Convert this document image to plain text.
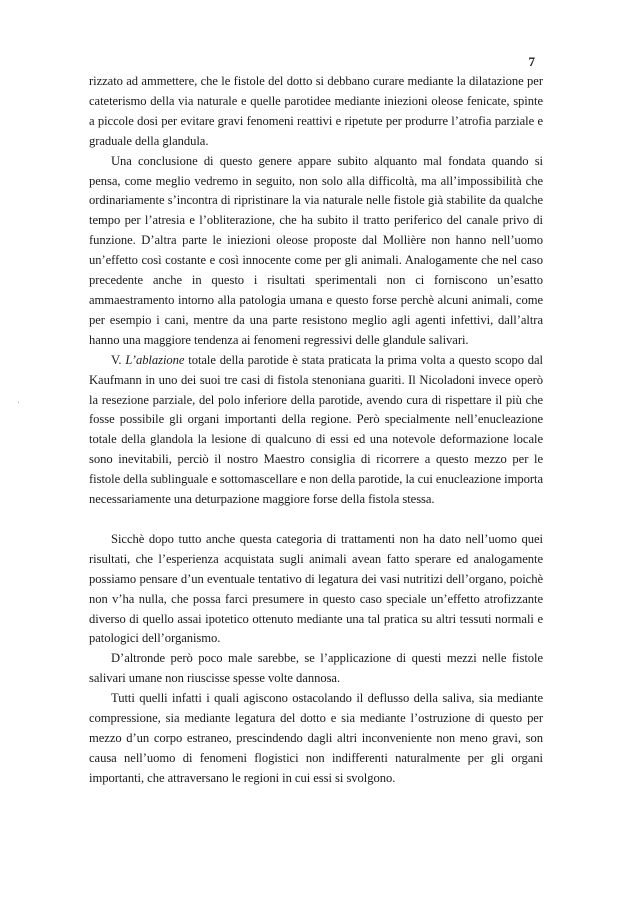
7
`

rizzato ad ammettere, che le fistole del dotto si debbano curare mediante la dilatazione per cateterismo della via naturale e quelle parotidee mediante iniezioni oleose fenicate, spinte a piccole dosi per evitare gravi fenomeni reattivi e ripetute per produrre l’atrofia parziale e graduale della glandula.

Una conclusione di questo genere appare subito alquanto mal fondata quando si pensa, come meglio vedremo in seguito, non solo alla difficoltà, ma all’impossibilità che ordinariamente s’incontra di ripristinare la via naturale nelle fistole già stabilite da qualche tempo per l’atresia e l’obliterazione, che ha subito il tratto periferico del canale privo di funzione. D’altra parte le iniezioni oleose proposte dal Mollière non hanno nell’uomo un’effetto così costante e così innocente come per gli animali. Analogamente che nel caso precedente anche in questo i risultati sperimentali non ci forniscono un’esatto ammaestramento intorno alla patologia umana e questo forse perchè alcuni animali, come per esempio i cani, mentre da una parte resistono meglio agli agenti infettivi, dall’altra hanno una maggiore tendenza ai fenomeni regressivi delle glandule salivari.

V. L’ablazione totale della parotide è stata praticata la prima volta a questo scopo dal Kaufmann in uno dei suoi tre casi di fistola stenoniana guariti. Il Nicoladoni invece operò la resezione parziale, del polo inferiore della parotide, avendo cura di rispettare il più che fosse possibile gli organi importanti della regione. Però specialmente nell’enucleazione totale della glandola la lesione di qualcuno di essi ed una notevole deformazione locale sono inevitabili, perciò il nostro Maestro consiglia di ricorrere a questo mezzo per le fistole della sublinguale e sottomascellare e non della parotide, la cui enucleazione importa necessariamente una deturpazione maggiore forse della fistola stessa.

Sicchè dopo tutto anche questa categoria di trattamenti non ha dato nell’uomo quei risultati, che l’esperienza acquistata sugli animali avean fatto sperare ed analogamente possiamo pensare d’un eventuale tentativo di legatura dei vasi nutritizi dell’organo, poichè non v’ha nulla, che possa farci presumere in questo caso speciale un’effetto atrofizzante diverso di quello assai ipotetico ottenuto mediante una tal pratica su altri tessuti normali e patologici dell’organismo.

D’altronde però poco male sarebbe, se l’applicazione di questi mezzi nelle fistole salivari umane non riuscisse spesse volte dannosa.

Tutti quelli infatti i quali agiscono ostacolando il deflusso della saliva, sia mediante compressione, sia mediante legatura del dotto e sia mediante l’ostruzione di questo per mezzo d’un corpo estraneo, prescindendo dagli altri inconveniente non meno gravi, son causa nell’uomo di fenomeni flogistici non indifferenti naturalmente per gli organi importanti, che attraversano le regioni in cui essi si svolgono.
